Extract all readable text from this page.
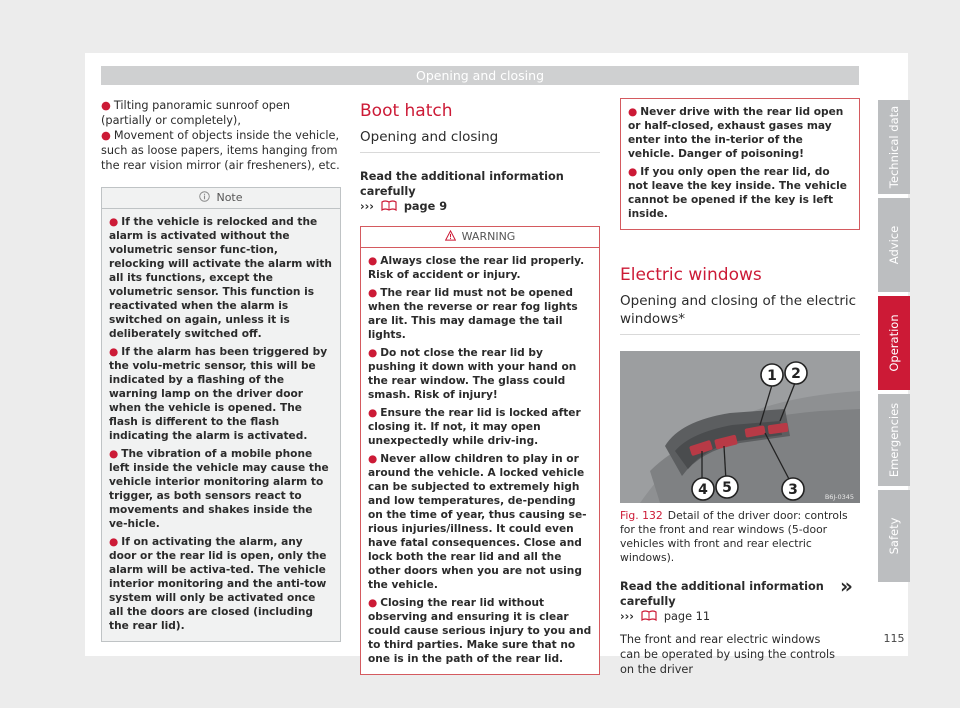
Opening and closing

● Tilting panoramic sunroof open (partially or completely),

● Movement of objects inside the vehicle, such as loose papers, items hanging from the rear vision mirror (air fresheners), etc.

Note

● If the vehicle is relocked and the alarm is activated without the volumetric sensor func-tion, relocking will activate the alarm with all its functions, except the volumetric sensor. This function is reactivated when the alarm is switched on again, unless it is deliberately switched off.

● If the alarm has been triggered by the volu-metric sensor, this will be indicated by a flashing of the warning lamp on the driver door when the vehicle is opened. The flash is different to the flash indicating the alarm is activated.

● The vibration of a mobile phone left inside the vehicle may cause the vehicle interior monitoring alarm to trigger, as both sensors react to movements and shakes inside the ve-hicle.

● If on activating the alarm, any door or the rear lid is open, only the alarm will be activa-ted. The vehicle interior monitoring and the anti-tow system will only be activated once all the doors are closed (including the rear lid).

Boot hatch
Opening and closing
Read the additional information carefully
›››	page 9
WARNING

● Always close the rear lid properly. Risk of accident or injury.

● The rear lid must not be opened when the reverse or rear fog lights are lit. This may damage the tail lights.

● Do not close the rear lid by pushing it down with your hand on the rear window. The glass could smash. Risk of injury!

● Ensure the rear lid is locked after closing it. If not, it may open unexpectedly while driv-ing.

● Never allow children to play in or around the vehicle. A locked vehicle can be subjected to extremely high and low temperatures, de-pending on the time of year, thus causing se-rious injuries/illness. It could even have fatal consequences. Close and lock both the rear lid and all the other doors when you are not using the vehicle.

● Closing the rear lid without observing and ensuring it is clear could cause serious injury to you and to third parties. Make sure that no one is in the path of the rear lid.

● Never drive with the rear lid open or half-closed, exhaust gases may enter into the in-terior of the vehicle. Danger of poisoning!

● If you only open the rear lid, do not leave the key inside. The vehicle cannot be opened if the key is left inside.

Electric windows
Opening and closing of the electric windows*
1 2
3
4 5
B6J-0345
Fig. 132 Detail of the driver door: controls for the front and rear windows (5-door vehicles with front and rear electric windows).
Read the additional information carefully
›››	page 11

The front and rear electric windows can be operated by using the controls on the driver

»
Technical data
Advice
Operation
Emergencies
Safety
115
